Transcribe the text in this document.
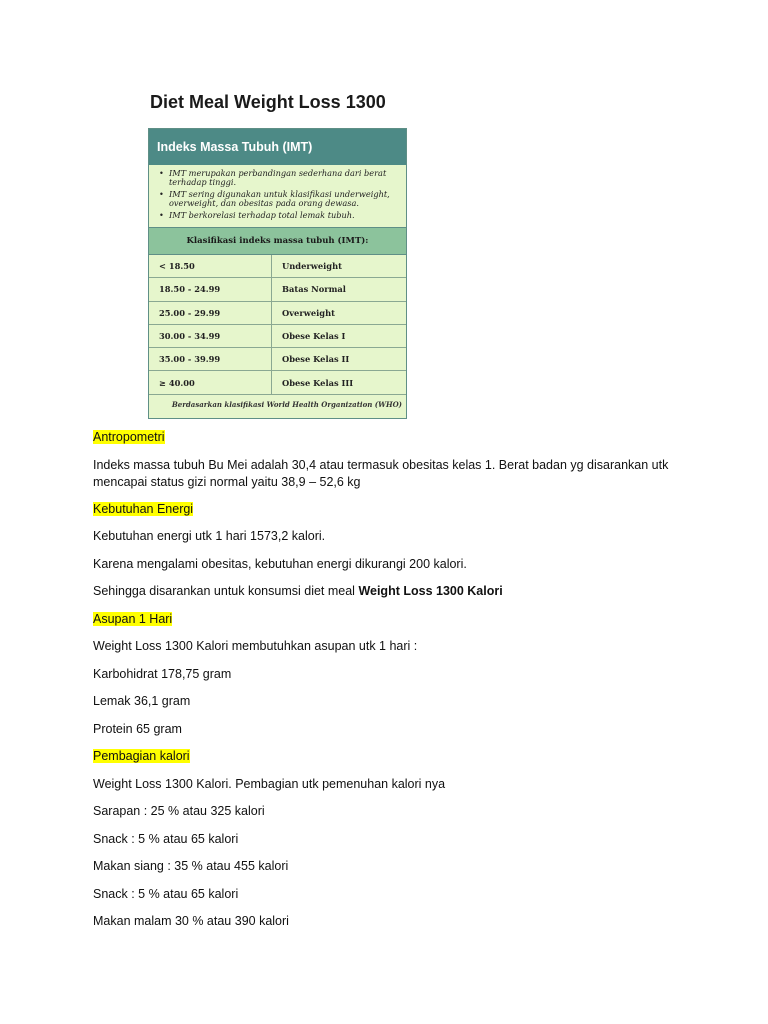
Diet Meal Weight Loss 1300
Indeks Massa Tubuh (IMT)
• IMT merupakan perbandingan sederhana dari berat terhadap tinggi.
• IMT sering digunakan untuk klasifikasi underweight, overweight, dan obesitas pada orang dewasa.
• IMT berkorelasi terhadap total lemak tubuh.
Klasifikasi indeks massa tubuh (IMT):
< 18.50	Underweight
18.50 - 24.99	Batas Normal
25.00 - 29.99	Overweight
30.00 - 34.99	Obese Kelas I
35.00 - 39.99	Obese Kelas II
≥ 40.00	Obese Kelas III
Berdasarkan klasifikasi World Health Organization (WHO)

Antropometri

Indeks massa tubuh Bu Mei adalah 30,4 atau termasuk obesitas kelas 1. Berat badan yg disarankan utk mencapai status gizi normal yaitu 38,9 – 52,6 kg

Kebutuhan Energi

Kebutuhan energi utk 1 hari 1573,2 kalori.

Karena mengalami obesitas, kebutuhan energi dikurangi 200 kalori.

Sehingga disarankan untuk konsumsi diet meal Weight Loss 1300 Kalori

Asupan 1 Hari

Weight Loss 1300 Kalori membutuhkan asupan utk 1 hari :

Karbohidrat 178,75 gram

Lemak 36,1 gram

Protein 65 gram

Pembagian kalori

Weight Loss 1300 Kalori. Pembagian utk pemenuhan kalori nya

Sarapan : 25 % atau 325 kalori

Snack : 5 % atau 65 kalori

Makan siang : 35 % atau 455 kalori

Snack : 5 % atau 65 kalori

Makan malam 30 % atau 390 kalori
